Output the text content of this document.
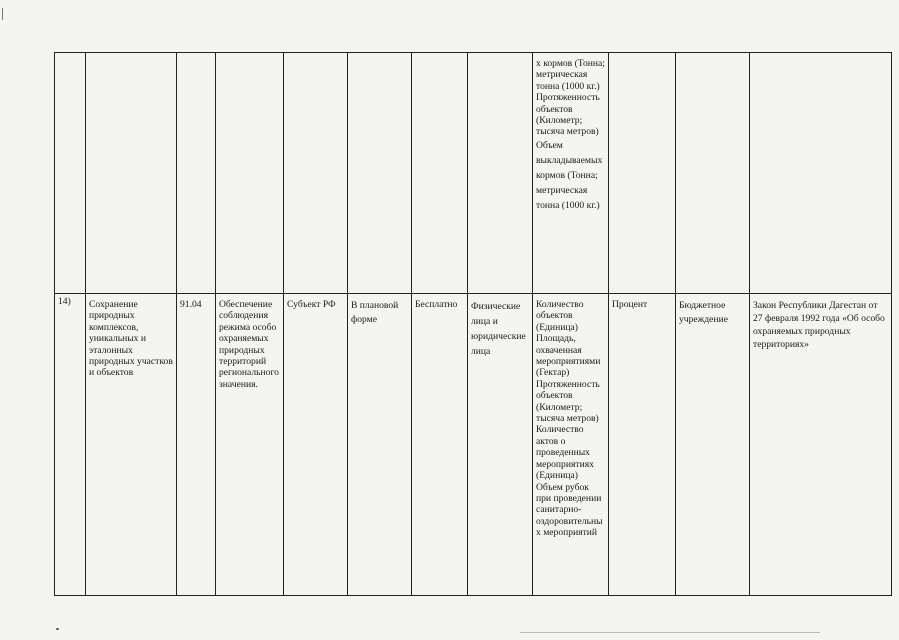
								х кормов (Тонна; метрическая тонна (1000 кг.)
Протяженность объектов (Километр; тысяча метров)
Объем выкладываемых кормов (Тонна; метрическая тонна (1000 кг.)			

14)	Сохранение природных комплексов, уникальных и эталонных природных участков и объектов	91.04	Обеспечение соблюдения режима особо охраняемых природных территорий регионального значения.	Субъект РФ	В плановой форме	Бесплатно	Физические лица и юридические лица	Количество объектов (Единица)
Площадь, охваченная мероприятиями (Гектар)
Протяженность объектов (Километр; тысяча метров)
Количество актов о проведенных мероприятиях (Единица)
Объем рубок при проведении санитарно-оздоровительных мероприятий	Процент	Бюджетное учреждение	Закон Республики Дагестан от 27 февраля 1992 года «Об особо охраняемых природных территориях»
